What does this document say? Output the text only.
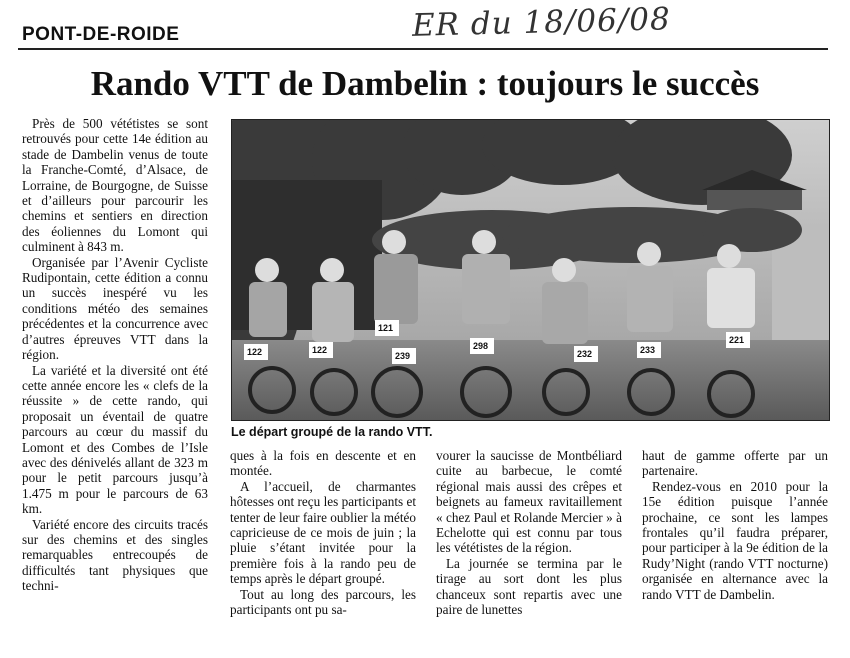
PONT-DE-ROIDE	ER du 18/06/08
Rando VTT de Dambelin : toujours le succès

Près de 500 vététistes se sont retrouvés pour cette 14e édition au stade de Dambelin venus de toute la Franche-Comté, d’Alsace, de Lorraine, de Bourgogne, de Suisse et d’ailleurs pour parcourir les chemins et sentiers en direction des éoliennes du Lomont qui culminent à 843 m.

Organisée par l’Avenir Cycliste Rudipontain, cette édition a connu un succès inespéré vu les conditions météo des semaines précédentes et la concurrence avec d’autres épreuves VTT dans la région.

La variété et la diversité ont été cette année encore les « clefs de la réussite » de cette rando, qui proposait un éventail de quatre parcours au cœur du massif du Lomont et des Combes de l’Isle avec des dénivelés allant de 323 m pour le petit parcours jusqu’à 1.475 m pour le parcours de 63 km.

Variété encore des circuits tracés sur des chemins et des singles remarquables entrecoupés de difficultés tant physiques que techni-

122	122
121
239
298
232	233
221
Le départ groupé de la rando VTT.

ques à la fois en descente et en montée.

A l’accueil, de charmantes hôtesses ont reçu les participants et tenter de leur faire oublier la météo capricieuse de ce mois de juin ; la pluie s’étant invitée pour la première fois à la rando peu de temps après le départ groupé.

Tout au long des parcours, les participants ont pu sa-

vourer la saucisse de Montbéliard cuite au barbecue, le comté régional mais aussi des crêpes et beignets au fameux ravitaillement « chez Paul et Rolande Mercier » à Echelotte qui est connu par tous les vététistes de la région.

La journée se termina par le tirage au sort dont les plus chanceux sont repartis avec une paire de lunettes

haut de gamme offerte par un partenaire.

Rendez-vous en 2010 pour la 15e édition puisque l’année prochaine, ce sont les lampes frontales qu’il faudra préparer, pour participer à la 9e édition de la Rudy’Night (rando VTT nocturne) organisée en alternance avec la rando VTT de Dambelin.
